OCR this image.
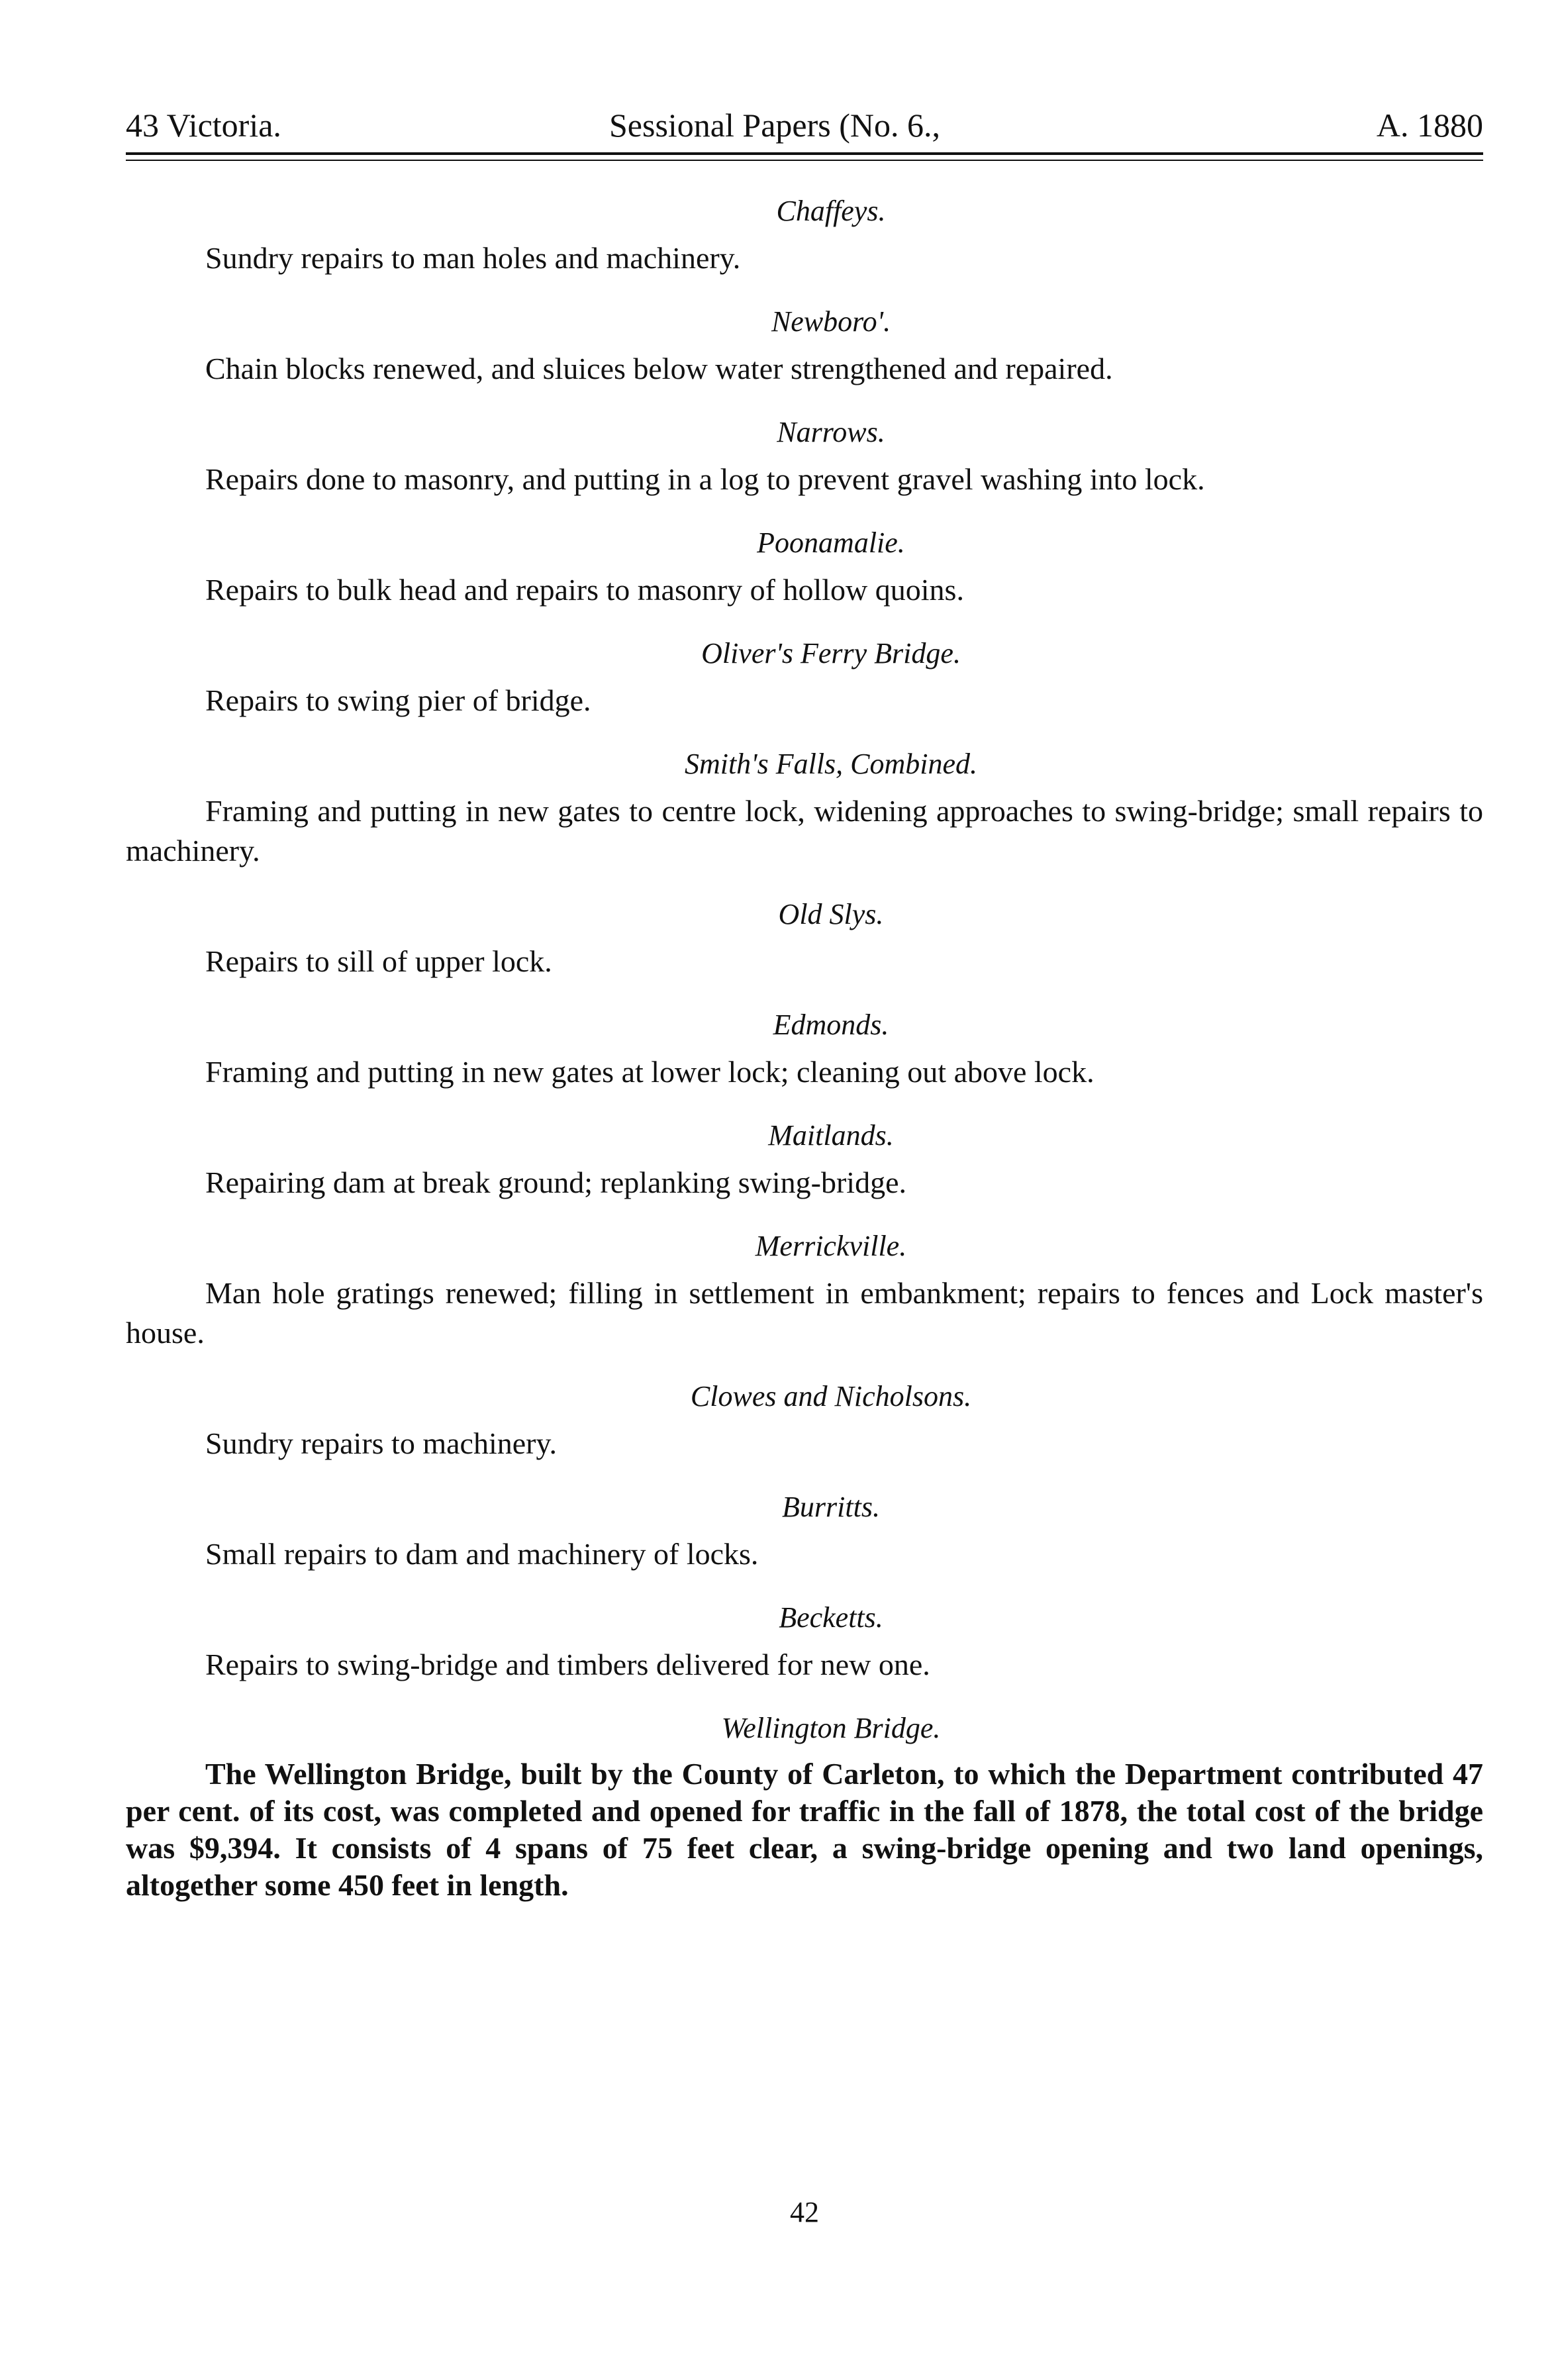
43 Victoria.	Sessional Papers (No. 6.,	A. 1880

Chaffeys.

Sundry repairs to man holes and machinery.

Newboro'.

Chain blocks renewed, and sluices below water strengthened and repaired.

Narrows.

Repairs done to masonry, and putting in a log to prevent gravel washing into lock.

Poonamalie.

Repairs to bulk head and repairs to masonry of hollow quoins.

Oliver's Ferry Bridge.

Repairs to swing pier of bridge.

Smith's Falls, Combined.

Framing and putting in new gates to centre lock, widening approaches to swing-bridge; small repairs to machinery.

Old Slys.

Repairs to sill of upper lock.

Edmonds.

Framing and putting in new gates at lower lock; cleaning out above lock.

Maitlands.

Repairing dam at break ground; replanking swing-bridge.

Merrickville.

Man hole gratings renewed; filling in settlement in embankment; repairs to fences and Lock master's house.

Clowes and Nicholsons.

Sundry repairs to machinery.

Burritts.

Small repairs to dam and machinery of locks.

Becketts.

Repairs to swing-bridge and timbers delivered for new one.

Wellington Bridge.

The Wellington Bridge, built by the County of Carleton, to which the Department contributed 47 per cent. of its cost, was completed and opened for traffic in the fall of 1878, the total cost of the bridge was $9,394. It consists of 4 spans of 75 feet clear, a swing-bridge opening and two land openings, altogether some 450 feet in length.

42
